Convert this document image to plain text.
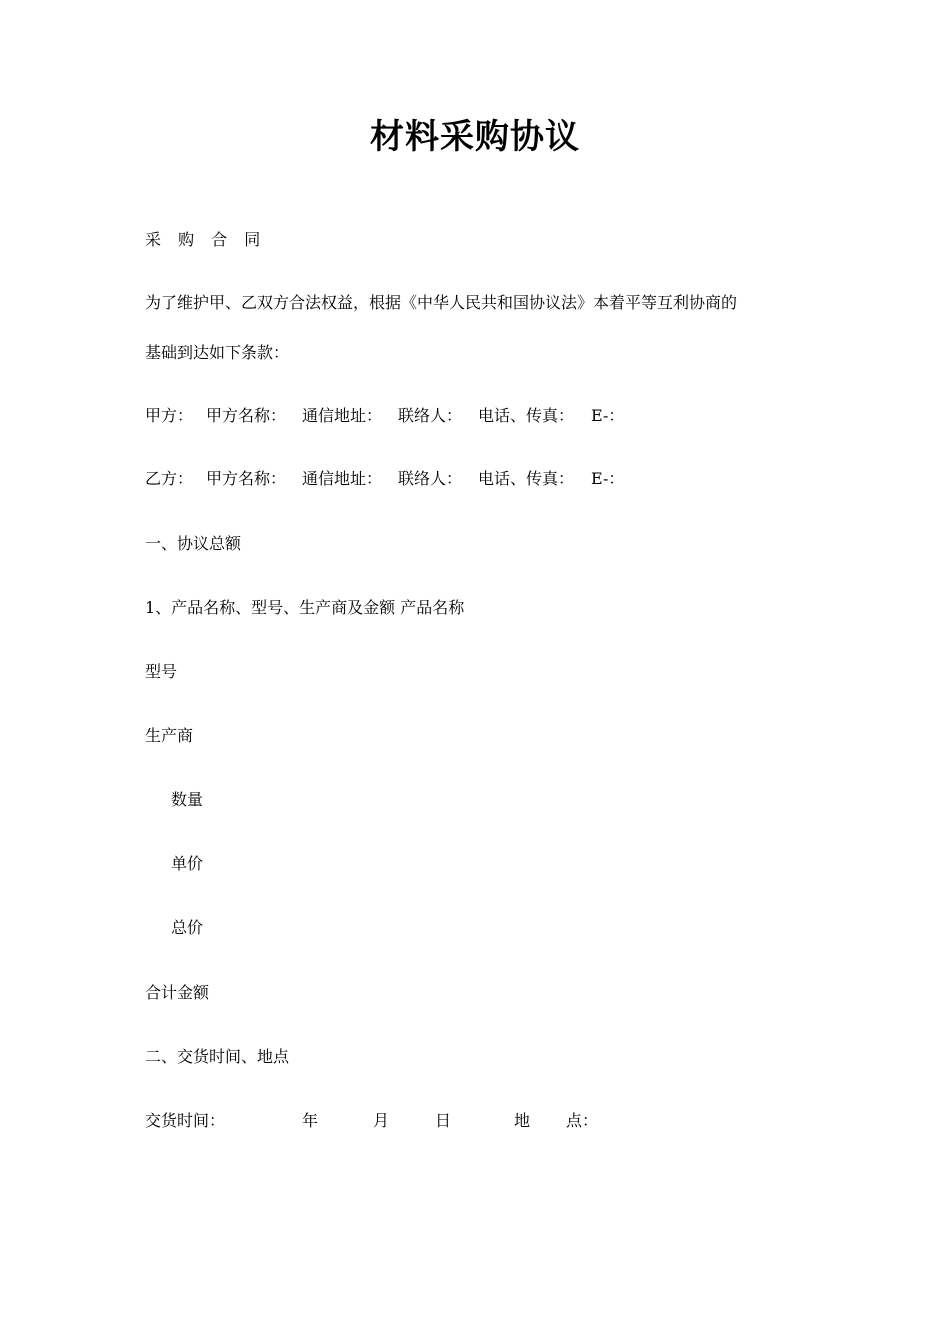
材料采购协议
采 购 合 同
为了维护甲、乙双方合法权益，根据《中华人民共和国协议法》本着平等互利协商的
基础到达如下条款：
甲方： 甲方名称： 通信地址： 联络人： 电话、传真： E-：
乙方： 甲方名称： 通信地址： 联络人： 电话、传真： E-：
一、协议总额
1、产品名称、型号、生产商及金额 产品名称
型号
生产商
数量
单价
总价
合计金额
二、交货时间、地点
交货时间：	年	月	日	地 点：
